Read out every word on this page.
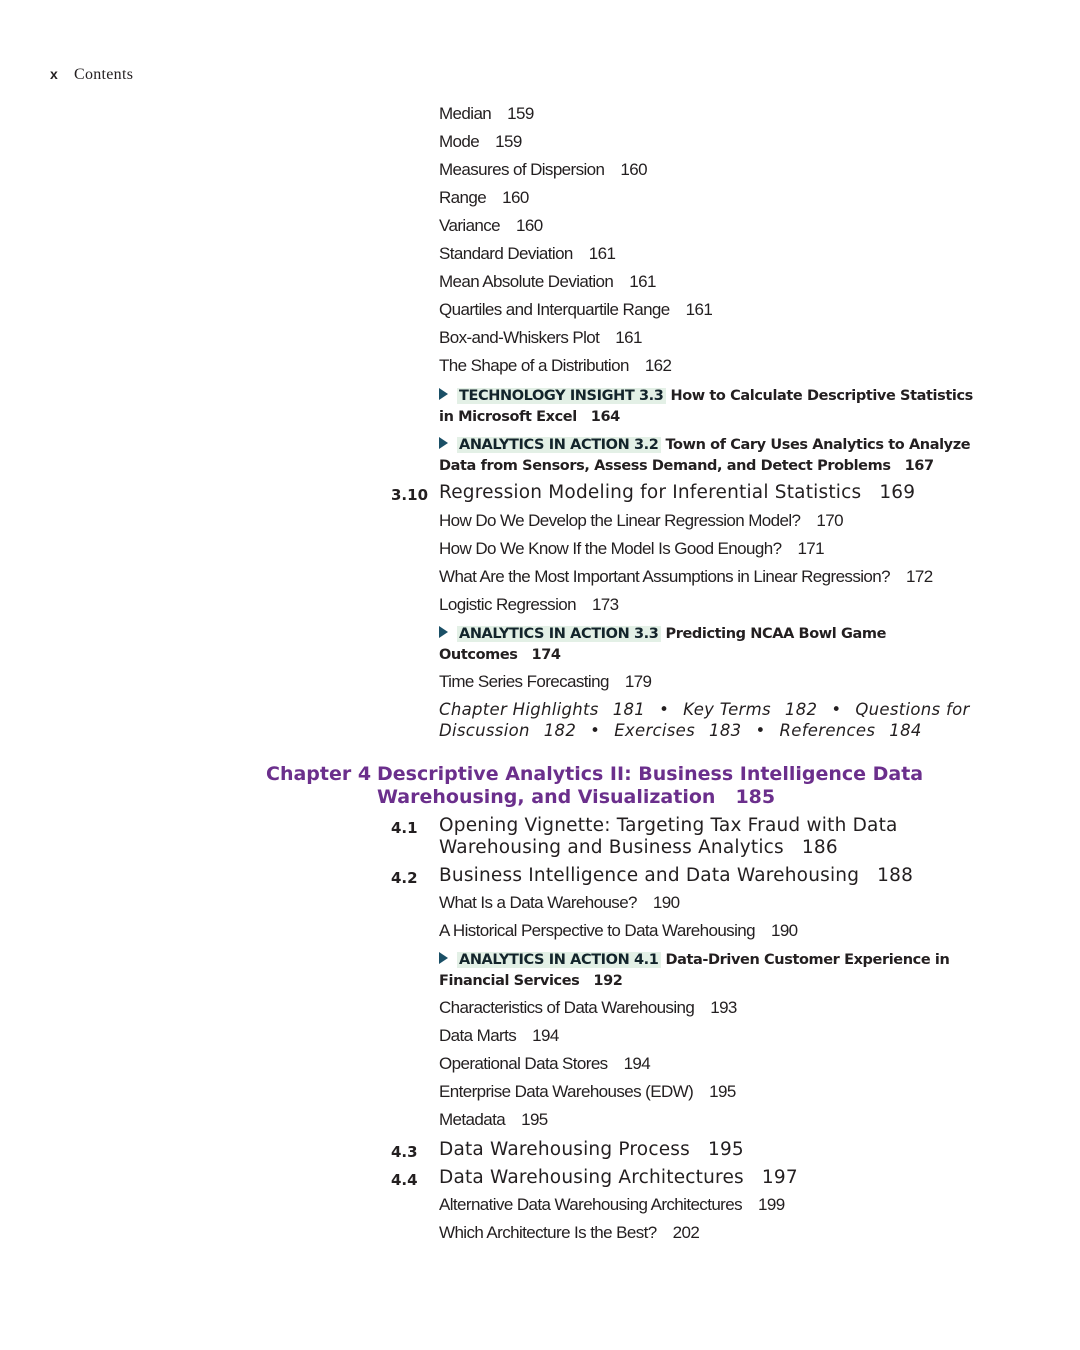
x Contents
Median 159
Mode 159
Measures of Dispersion 160
Range 160
Variance 160
Standard Deviation 161
Mean Absolute Deviation 161
Quartiles and Interquartile Range 161
Box-and-Whiskers Plot 161
The Shape of a Distribution 162
TECHNOLOGY INSIGHT 3.3 How to Calculate Descriptive Statistics
in Microsoft Excel 164
ANALYTICS IN ACTION 3.2 Town of Cary Uses Analytics to Analyze
Data from Sensors, Assess Demand, and Detect Problems 167
3.10 Regression Modeling for Inferential Statistics 169
How Do We Develop the Linear Regression Model? 170
How Do We Know If the Model Is Good Enough? 171
What Are the Most Important Assumptions in Linear Regression? 172
Logistic Regression 173
ANALYTICS IN ACTION 3.3 Predicting NCAA Bowl Game
Outcomes 174
Time Series Forecasting 179
Chapter Highlights 181 • Key Terms 182 • Questions for
Discussion 182 • Exercises 183 • References 184
Chapter 4 Descriptive Analytics II: Business Intelligence Data
Warehousing, and Visualization 185
4.1 Opening Vignette: Targeting Tax Fraud with Data
Warehousing and Business Analytics 186
4.2 Business Intelligence and Data Warehousing 188
What Is a Data Warehouse? 190
A Historical Perspective to Data Warehousing 190
ANALYTICS IN ACTION 4.1 Data-Driven Customer Experience in
Financial Services 192
Characteristics of Data Warehousing 193
Data Marts 194
Operational Data Stores 194
Enterprise Data Warehouses (EDW) 195
Metadata 195
4.3 Data Warehousing Process 195
4.4 Data Warehousing Architectures 197
Alternative Data Warehousing Architectures 199
Which Architecture Is the Best? 202
